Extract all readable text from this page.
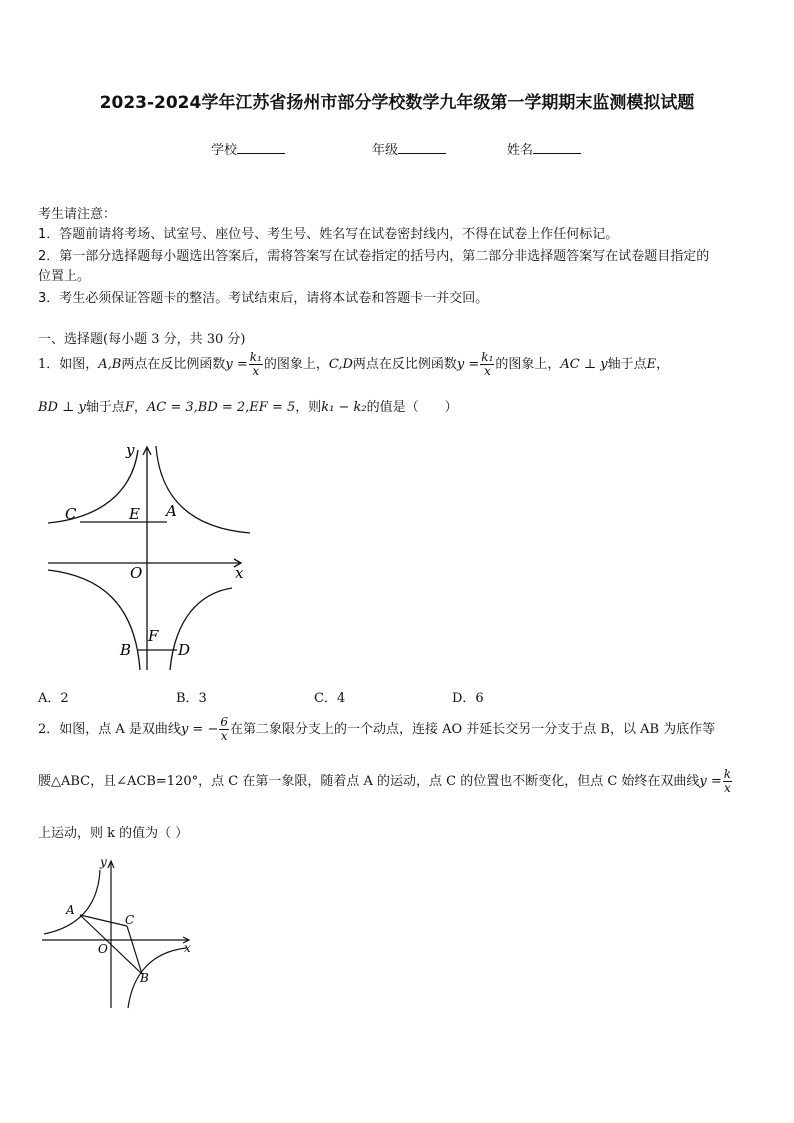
2023-2024学年江苏省扬州市部分学校数学九年级第一学期期末监测模拟试题
学校	年级	姓名
考生请注意：
1．答题前请将考场、试室号、座位号、考生号、姓名写在试卷密封线内，不得在试卷上作任何标记。
2．第一部分选择题每小题选出答案后，需将答案写在试卷指定的括号内，第二部分非选择题答案写在试卷题目指定的
位置上。
3．考生必须保证答题卡的整洁。考试结束后，请将本试卷和答题卡一并交回。
一、选择题(每小题 3 分，共 30 分)
1．如图，A,B两点在反比例函数$y = \frac{\text{k₁}}{x}$ 的图象上，C,D两点在反比例函数$y = \frac{\text{k₁}}{x}$ 的图象上，AC ⊥ y轴于点E，
BD ⊥ y轴于点F，AC = 3,BD = 2,EF = 5，则k₁ − k₂的值是（　　）
y
x
O
C	E A
B
F
D
A．2	B．3	C．4	D．6
2．如图，点 A 是双曲线y = − $\frac{6}{x}$ 在第二象限分支上的一个动点，连接 AO 并延长交另一分支于点 B，以 AB 为底作等
腰△ABC，且∠ACB=120°，点 C 在第一象限，随着点 A 的运动，点 C 的位置也不断变化，但点 C 始终在双曲线$y = \frac{k}{x}$
上运动，则 k 的值为（ ）
y
x
O
A
C
B
